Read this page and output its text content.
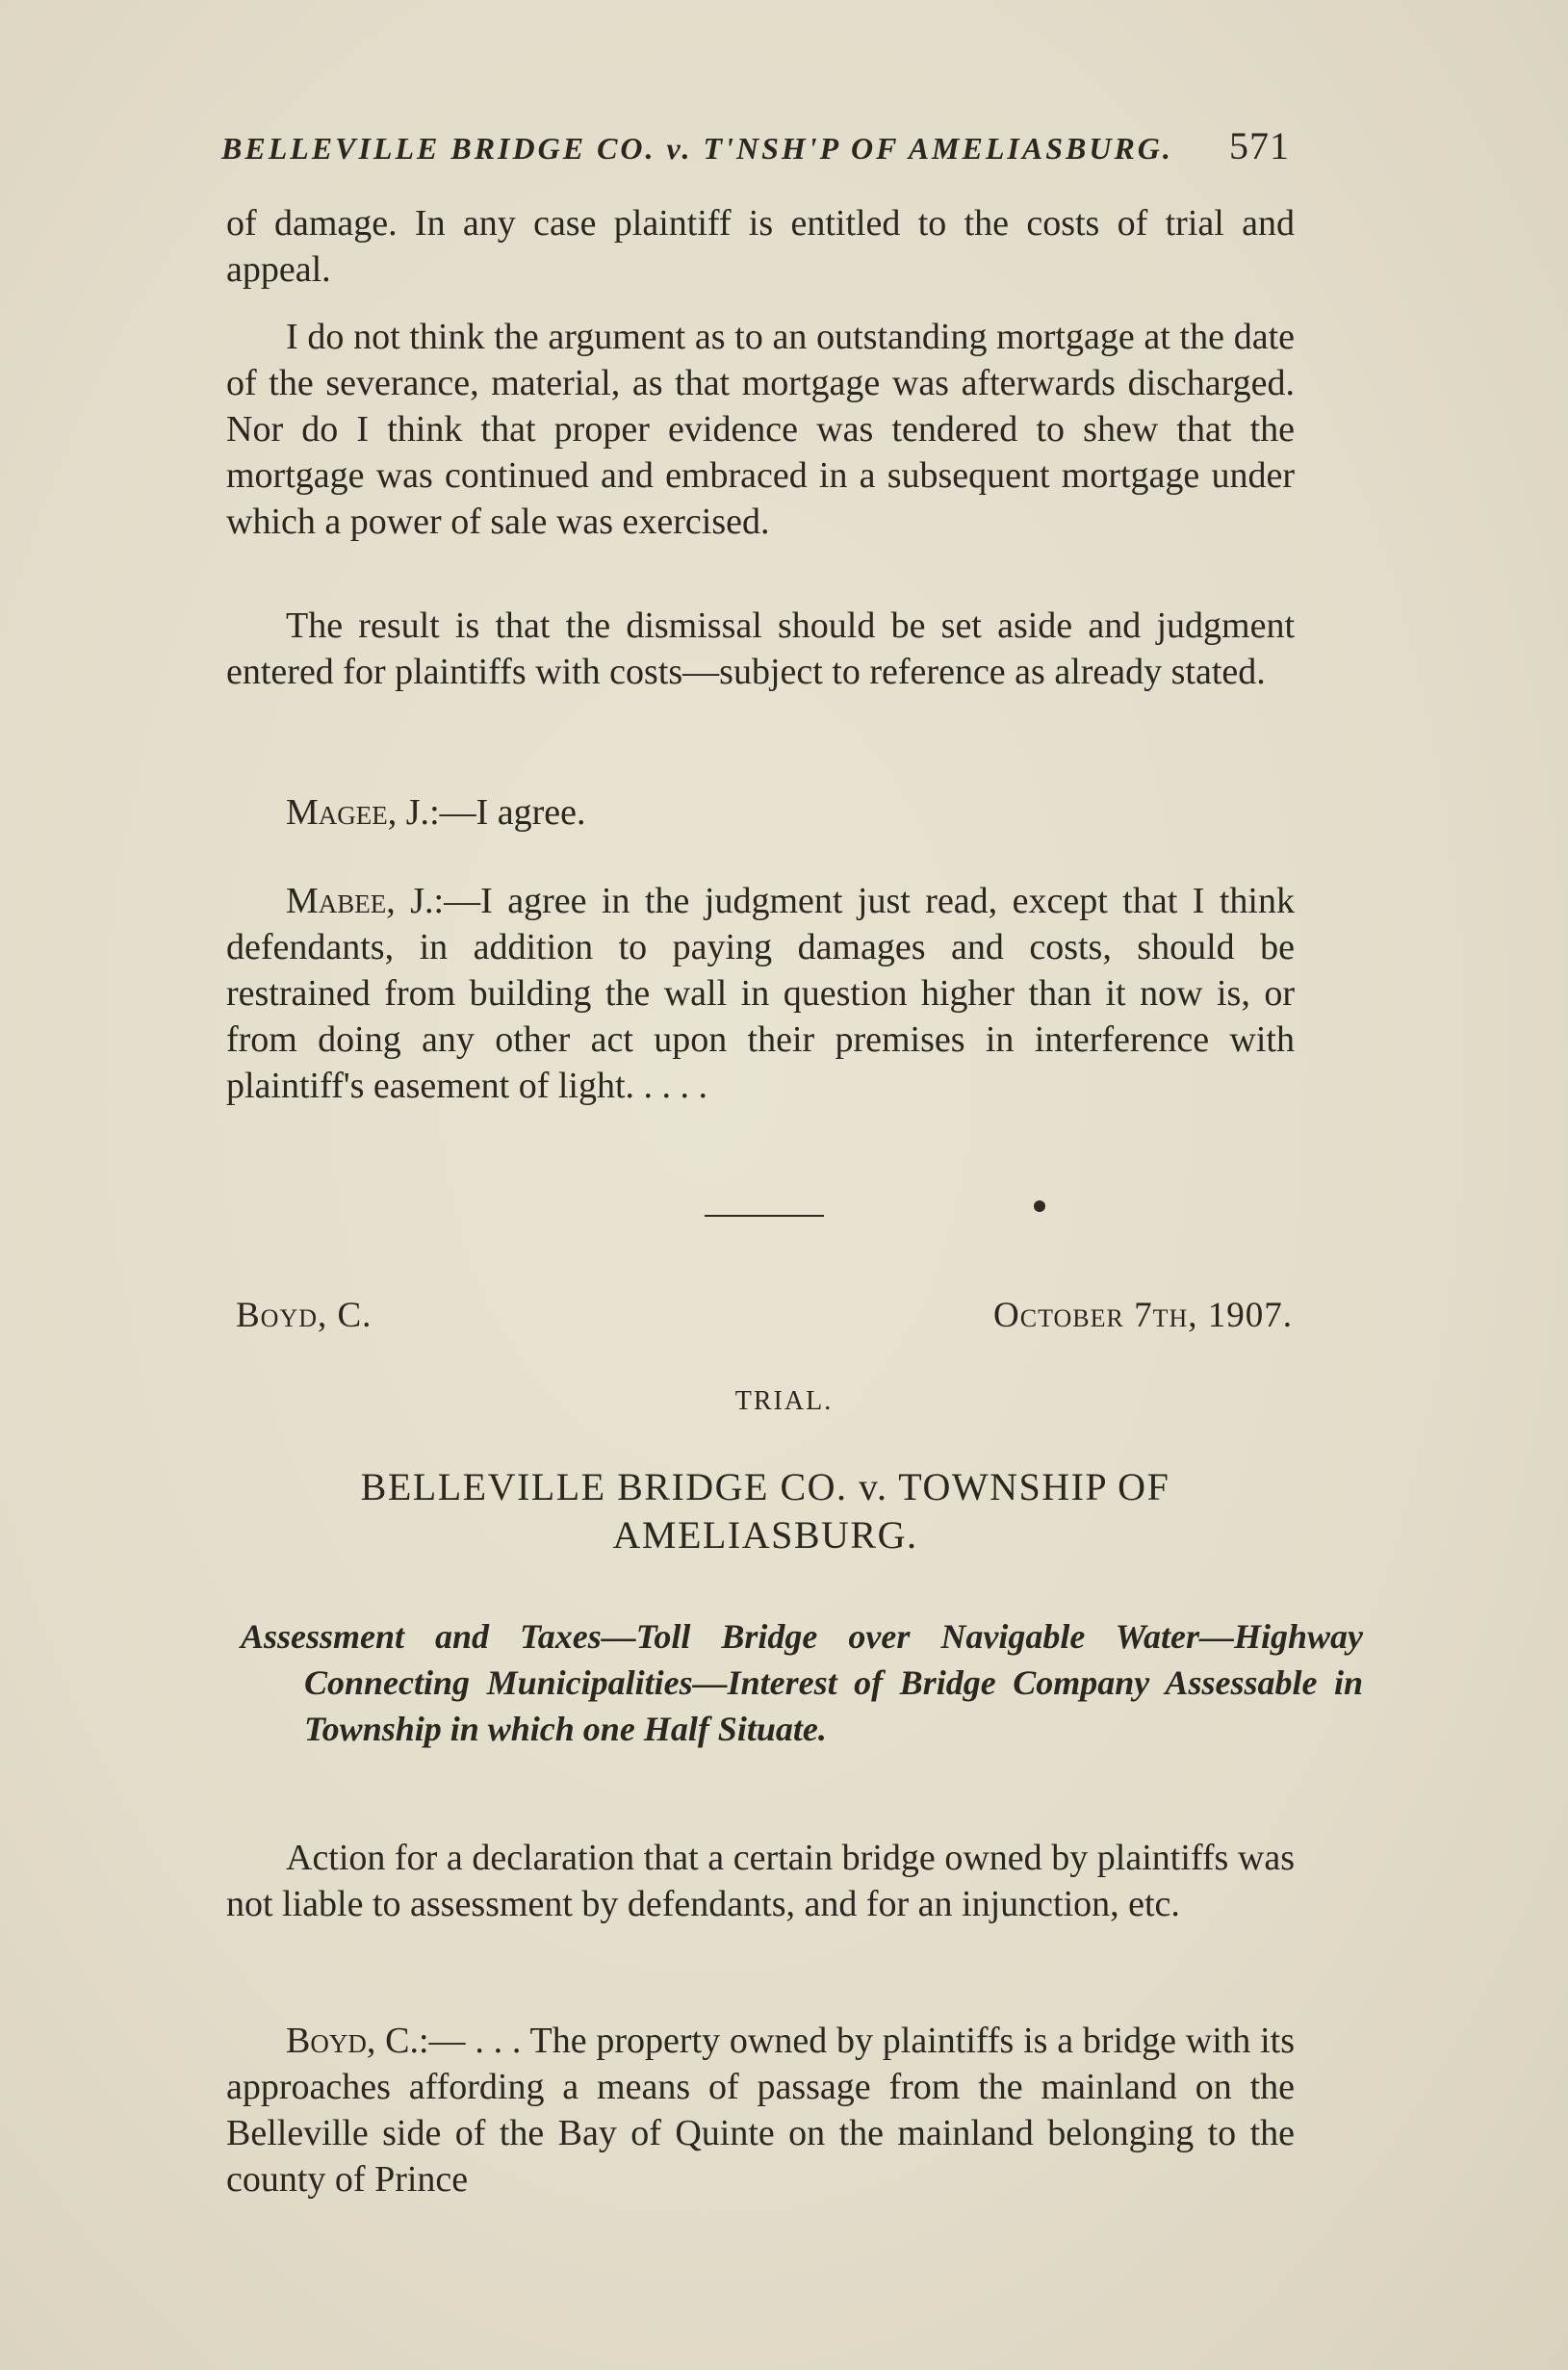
BELLEVILLE BRIDGE CO. v. T'NSH'P OF AMELIASBURG. 571

of damage. In any case plaintiff is entitled to the costs of trial and appeal.

I do not think the argument as to an outstanding mortgage at the date of the severance, material, as that mortgage was afterwards discharged. Nor do I think that proper evidence was tendered to shew that the mortgage was continued and embraced in a subsequent mortgage under which a power of sale was exercised.

The result is that the dismissal should be set aside and judgment entered for plaintiffs with costs—subject to reference as already stated.

Magee, J.:—I agree.

Mabee, J.:—I agree in the judgment just read, except that I think defendants, in addition to paying damages and costs, should be restrained from building the wall in question higher than it now is, or from doing any other act upon their premises in interference with plaintiff's easement of light. . . . .

Boyd, C.	October 7th, 1907.
TRIAL.
BELLEVILLE BRIDGE CO. v. TOWNSHIP OF AMELIASBURG.
Assessment and Taxes—Toll Bridge over Navigable Water—Highway Connecting Municipalities—Interest of Bridge Company Assessable in Township in which one Half Situate.

Action for a declaration that a certain bridge owned by plaintiffs was not liable to assessment by defendants, and for an injunction, etc.

Boyd, C.:— . . . The property owned by plaintiffs is a bridge with its approaches affording a means of passage from the mainland on the Belleville side of the Bay of Quinte on the mainland belonging to the county of Prince
